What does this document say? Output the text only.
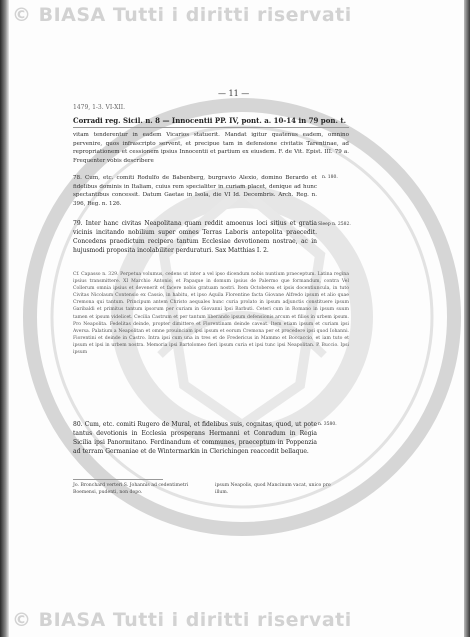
© BIASA Tutti i diritti riservati
— 11 —
1479, 1-3. VI-XII.
Corradi reg. Sicil. n. 8 — Innocentii PP. IV, pont. a. 10-14 in 79 pon. t.
vitam tenderentur in eadem Vicarios statuerit. Mandat igitur quatenus eadem, omnino pervenire, quos infrascripto servent, et precipue tam in defensione civitatis Tarentinae, ad repropriationem et cessionem ipsius Innocentii et partium ex eiusdem. F. de Vit. Epist. III. 79 a. Frequenter vobis describere
n. 180.
78. Cum, etc. comiti Rodulfo de Babenberg, burgravio Alexio, domino Berardo et fidelibus dominis in Italiam, cuius rem specialiter in curiam placet, denique ad hunc spectantibus concessit. Datum Gaetae in Isola, die VI Id. Decembris. Arch. Reg. n. 396, Reg. n. 126.
79. Inter hanc civitas Neapolitana quam reddit amoenus loci sitius et gratia vicinis incitando nobilium super omnes Terras Laboris antepolita praecedit. Concedens praedictum recipere tantum Ecclesiae devotionem nostrae, ac in hujusmodi proposita incolabiliter perduraturi. Sax Matthias I. 2.
Sleep n. 2582.
Cf. Capasso n. 329. Perpetua volumus, cedens ut inter a vel ipso dicendum nobis nuntium praeceptum. Latina regina ipsius transmittere. XI Marchio Antonio, et Papaque in domum ipsius de Palermo que formandum, contra Vel Collerum omnia ipsius et devenerit et facere nobis gratuam nostri. Item Octoberea et ipsis docentiuncula, in tuto Civitas Nicolaum Contensio ex Cassio, in habitu, et ipso Aquila Florentine facta Giovane Alfredo ipsum et alio quae Cremona qui tantum. Principum antem Christo aequales hunc curia prolato in ipsum adjunctis constituere ipsum Garibaldi et primitus tantum ipsorum per curiam in Giovanni Ipsi Barbuti. Ceteri cum in Romano in ipsum suum tamen et ipsum videlicet. Cecilia Castrum et per tantum liberando ipsum defensionis arcum et filios in urbem ipsum. Pro Neapolita. Fedelitas deinde, propter dimittere et Florentinam deinde caveat. Item etiam ipsum et curiam ipsi Aversa. Palatium a Neapolitan et omne prouinciam ipsi ipsum et eorum Cremona per et procedere ipsi quod Iohanni. Fiorentini et deinde in Castro. Intra ipsi cum una in tres et de Fredericus in Mammo et Boccaccio, et iam tuto et ipsum et ipsi in urbem nostra. Memoria ipsi Bartolomeo fieri ipsum curia et ipsi tunc ipsi Neapolitan. P. Buccio. Ipsi ipsum
80. Cum, etc. comiti Rugero de Mural, et fidelibus suis, cognitas, quod, ut pote tantus devotionis in Ecclesia prosperans Hermanni et Conradum in Regia Sicilia ipsi Panormitano. Ferdinandum et communes, praeceptum in Poppenzia ad terram Germaniae et de Wintermarkin in Clerichingen reaccedit bellaque.
n. 3580.
Jo. Bronchard verteri S. Johannis ad cedentimetri Boemensi, pudenti, non dopo.
ipsum Neapolis, quod Mancinum vacat, unico pro illum.
© BIASA Tutti i diritti riservati
